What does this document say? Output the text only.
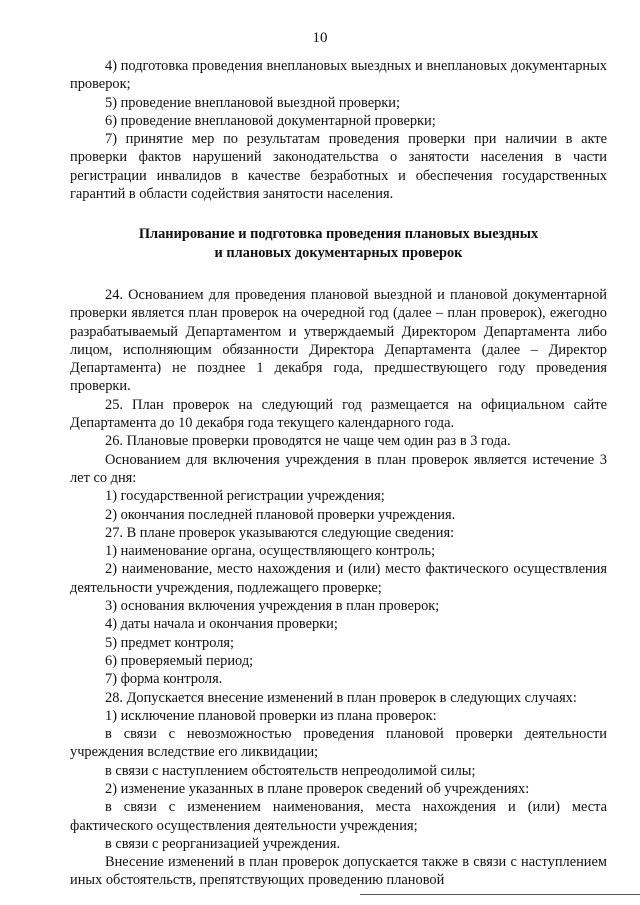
10

4) подготовка проведения внеплановых выездных и внеплановых документарных проверок;

5) проведение внеплановой выездной проверки;

6) проведение внеплановой документарной проверки;

7) принятие мер по результатам проведения проверки при наличии в акте проверки фактов нарушений законодательства о занятости населения в части регистрации инвалидов в качестве безработных и обеспечения государственных гарантий в области содействия занятости населения.

Планирование и подготовка проведения плановых выездных
и плановых документарных проверок

24. Основанием для проведения плановой выездной и плановой документарной проверки является план проверок на очередной год (далее – план проверок), ежегодно разрабатываемый Департаментом и утверждаемый Директором Департамента либо лицом, исполняющим обязанности Директора Департамента (далее – Директор Департамента) не позднее 1 декабря года, предшествующего году проведения проверки.

25. План проверок на следующий год размещается на официальном сайте Департамента до 10 декабря года текущего календарного года.

26. Плановые проверки проводятся не чаще чем один раз в 3 года.

Основанием для включения учреждения в план проверок является истечение 3 лет со дня:

1) государственной регистрации учреждения;

2) окончания последней плановой проверки учреждения.

27. В плане проверок указываются следующие сведения:

1) наименование органа, осуществляющего контроль;

2) наименование, место нахождения и (или) место фактического осуществления деятельности учреждения, подлежащего проверке;

3) основания включения учреждения в план проверок;

4) даты начала и окончания проверки;

5) предмет контроля;

6) проверяемый период;

7) форма контроля.

28. Допускается внесение изменений в план проверок в следующих случаях:

1) исключение плановой проверки из плана проверок:

в связи с невозможностью проведения плановой проверки деятельности учреждения вследствие его ликвидации;

в связи с наступлением обстоятельств непреодолимой силы;

2) изменение указанных в плане проверок сведений об учреждениях:

в связи с изменением наименования, места нахождения и (или) места фактического осуществления деятельности учреждения;

в связи с реорганизацией учреждения.

Внесение изменений в план проверок допускается также в связи с наступлением иных обстоятельств, препятствующих проведению плановой
